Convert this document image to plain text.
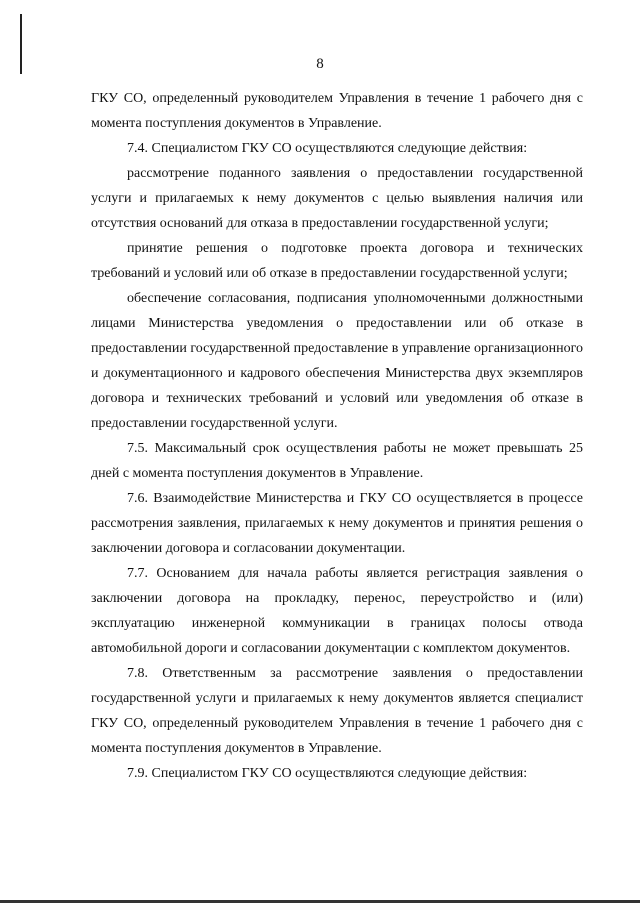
8

ГКУ СО, определенный руководителем Управления в течение 1 рабочего дня с момента поступления документов в Управление.

7.4. Специалистом ГКУ СО осуществляются следующие действия:

рассмотрение поданного заявления о предоставлении государственной услуги и прилагаемых к нему документов с целью выявления наличия или отсутствия оснований для отказа в предоставлении государственной услуги;

принятие решения о подготовке проекта договора и технических требований и условий или об отказе в предоставлении государственной услуги;

обеспечение согласования, подписания уполномоченными должностными лицами Министерства уведомления о предоставлении или об отказе в предоставлении государственной предоставление в управление организационного и документационного и кадрового обеспечения Министерства двух экземпляров договора и технических требований и условий или уведомления об отказе в предоставлении государственной услуги.

7.5. Максимальный срок осуществления работы не может превышать 25 дней с момента поступления документов в Управление.

7.6. Взаимодействие Министерства и ГКУ СО осуществляется в процессе рассмотрения заявления, прилагаемых к нему документов и принятия решения о заключении договора и согласовании документации.

7.7. Основанием для начала работы является регистрация заявления о заключении договора на прокладку, перенос, переустройство и (или) эксплуатацию инженерной коммуникации в границах полосы отвода автомобильной дороги и согласовании документации с комплектом документов.

7.8. Ответственным за рассмотрение заявления о предоставлении государственной услуги и прилагаемых к нему документов является специалист ГКУ СО, определенный руководителем Управления в течение 1 рабочего дня с момента поступления документов в Управление.

7.9. Специалистом ГКУ СО осуществляются следующие действия:
